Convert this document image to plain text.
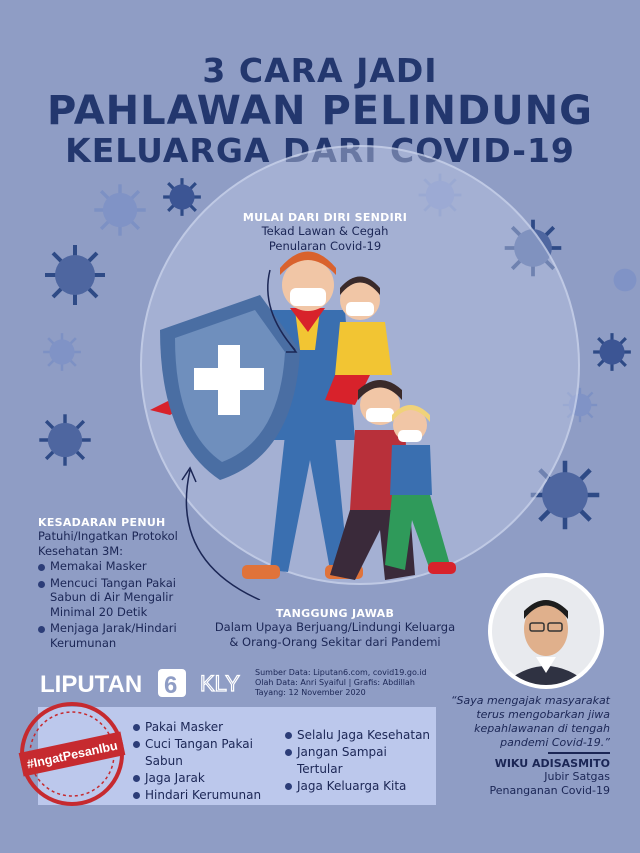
3 CARA JADI
PAHLAWAN PELINDUNG
KELUARGA DARI COVID-19
MULAI DARI DIRI SENDIRI
Tekad Lawan & Cegah
Penularan Covid-19
KESADARAN PENUH
Patuhi/Ingatkan Protokol
Kesehatan 3M:
Memakai Masker
Mencuci Tangan Pakai Sabun di Air Mengalir Minimal 20 Detik
Menjaga Jarak/Hindari Kerumunan
TANGGUNG JAWAB
Dalam Upaya Berjuang/Lindungi Keluarga
& Orang-Orang Sekitar dari Pandemi
LIPUTAN 6 KLY Sumber Data: Liputan6.com, covid19.go.id
Olah Data: Anri Syaiful | Grafis: Abdillah
Tayang: 12 November 2020
“Saya mengajak masyarakat terus mengobarkan jiwa kepahlawanan di tengah pandemi Covid-19.”
WIKU ADISASMITO
Jubir Satgas
Penanganan Covid-19
#IngatPesanIbu
Pakai Masker
Cuci Tangan Pakai Sabun
Jaga Jarak
Hindari Kerumunan
Selalu Jaga Kesehatan
Jangan Sampai Tertular
Jaga Keluarga Kita
